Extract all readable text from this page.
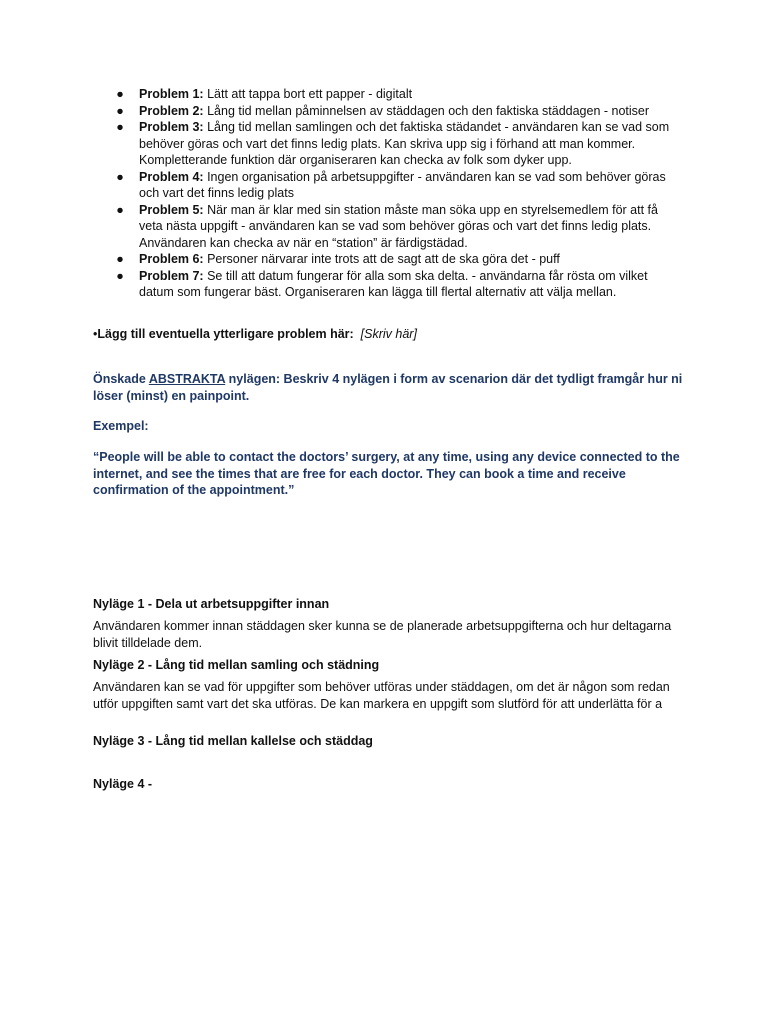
● Problem 1: Lätt att tappa bort ett papper - digitalt
● Problem 2: Lång tid mellan påminnelsen av städdagen och den faktiska städdagen - notiser
● Problem 3: Lång tid mellan samlingen och det faktiska städandet - användaren kan se vad som behöver göras och vart det finns ledig plats. Kan skriva upp sig i förhand att man kommer. Kompletterande funktion där organiseraren kan checka av folk som dyker upp.
● Problem 4: Ingen organisation på arbetsuppgifter - användaren kan se vad som behöver göras och vart det finns ledig plats
● Problem 5: När man är klar med sin station måste man söka upp en styrelsemedlem för att få veta nästa uppgift - användaren kan se vad som behöver göras och vart det finns ledig plats. Användaren kan checka av när en “station” är färdigstädad.
● Problem 6: Personer närvarar inte trots att de sagt att de ska göra det - puff
● Problem 7: Se till att datum fungerar för alla som ska delta. - användarna får rösta om vilket datum som fungerar bäst. Organiseraren kan lägga till flertal alternativ att välja mellan.
•Lägg till eventuella ytterligare problem här: [Skriv här]
Önskade ABSTRAKTA nylägen: Beskriv 4 nylägen i form av scenarion där det tydligt framgår hur ni löser (minst) en painpoint.
Exempel:
“People will be able to contact the doctors’ surgery, at any time, using any device connected to the internet, and see the times that are free for each doctor. They can book a time and receive confirmation of the appointment.”
Nyläge 1 - Dela ut arbetsuppgifter innan
Användaren kommer innan städdagen sker kunna se de planerade arbetsuppgifterna och hur deltagarna blivit tilldelade dem.
Nyläge 2 - Lång tid mellan samling och städning
Användaren kan se vad för uppgifter som behöver utföras under städdagen, om det är någon som redan utför uppgiften samt vart det ska utföras. De kan markera en uppgift som slutförd för att underlätta för a
Nyläge 3 - Lång tid mellan kallelse och städdag
Nyläge 4 -
